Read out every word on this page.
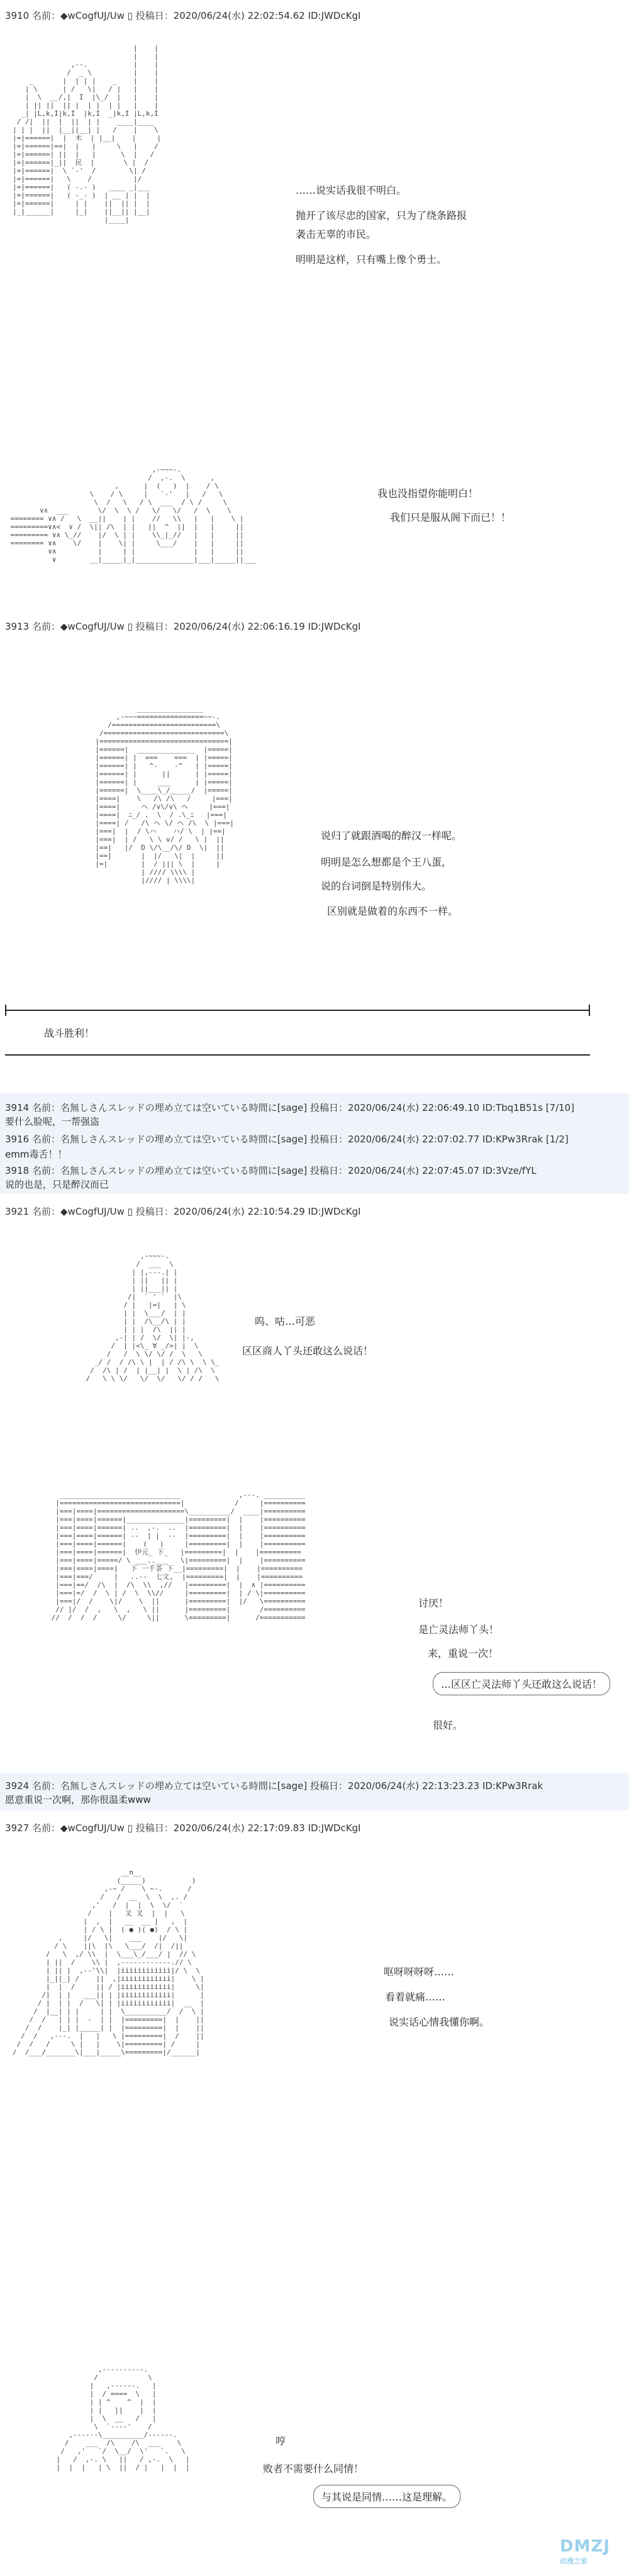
3910 名前：◆wCogfUJ/Uw ▯ 投稿日：2020/06/24(水) 22:02:54.62 ID:JWDcKgI
|    |
|    |
,--.           |    |
/  _ \          |    |
_       |  | | |    _    |    |
| \      | /   \|   / |   |    |
|  \  __/,|  I  |\_/  |   |    |
| || ||  || |  | |  | |   |    |
_| |L,k,I|k,I  |k,I  _|k,I |L,k,I
/ /|  ||  |  ||  | |    ____|____
| | |  ||  |__||__| |   /    |    \
|=|======|  |  木  | |__|    |     |
|=|======|==|  |   |     \   |    /
|=|======| ||  |   |      \  |   /
|=|======|_||  民  |       \ |  /
|=|======|  \ `-'  /        \| /
|=|======|   \    /          |/
|=|======|   ( -.- )   ____ _|___
|=|======|   ( -_- )  | __ | |  |
|=|======|     | |    ||  || |  |
|_|______|     |_|    ||__|| |__|
|____|

……说实话我很不明白。
抛开了该尽忠的国家，只为了绕条路报
袭击无辜的市民。
明明是这样，只有嘴上像个勇士。
,-~~~-.
/  ,-.  \      ,
,      |  (   )  |    / \
\    / \     |   `-'   |   /   \
\  /   \   / \  ___  / \ /     \
∨∧  ___       \/  \  \ /   \/   \/   /  \    \
======== ∨∧ /   \  __||    | |    //   \\   |   |    \ |
=========∨∧<  ∨ /  \|| /\  | |   ||  ^  ||  |   |     ||
========= ∨∧ \_//    |/  \ | |    \\_|_//   |   |     ||
======== ∨∧    \/    |    \| |     \___/    |   |     ||
∨∧          |     | |              |   |     ||
∨        __|_____|_|______________|___|_____||___

我也没指望你能明白！
我们只是服从阁下而已！！
3913 名前：◆wCogfUJ/Uw ▯ 投稿日：2020/06/24(水) 22:06:16.19 ID:JWDcKgI
________________
,-~~~================~~-.
/=========================\
/=============================\
|===============================|
|======|  ______________  |=====|
|======| |  ===    ===  | |=====|
|======| |   ^-    -^   | |=====|
|======| |      ||      | |=====|
|======| |     ___      | |=====|
|======|  \____\_/_____/  |=====|
|====|    \   /\ /\   /     |===|
|====|     ヘ /v\/v\ ヘ     |===|
|====|  ﾆ_/ .  \  / .\_ﾆ   |===|
|====| /   /\ ヘ \/ ヘ /\  \ |===|
|===|  |  / \ハ    ハ/ \  | |==|
|===|  | /   \ \ v/ /   \ |  ||
|==|   |/  D \/\__/\/ D  \|  ||
|==|       |  |/   \|  |     ||
|=|        |  / ||| \  |     |
| //// \\\\ |
|//// | \\\\|

说归了就跟酒喝的醉汉一样呢。
明明是怎么想都是个王八蛋，
说的台词倒是特别伟大。
区别就是做着的东西不一样。
战斗胜利！
3914 名前：名無しさんスレッドの埋め立ては空いている時間に[sage] 投稿日：2020/06/24(水) 22:06:49.10 ID:Tbq1B51s [7/10]
要什么脸呢，一帮强盗
3916 名前：名無しさんスレッドの埋め立ては空いている時間に[sage] 投稿日：2020/06/24(水) 22:07:02.77 ID:KPw3Rrak [1/2]
emm毒舌！！
3918 名前：名無しさんスレッドの埋め立ては空いている時間に[sage] 投稿日：2020/06/24(水) 22:07:45.07 ID:3Vze/fYL
说的也是，只是醉汉而已
3921 名前：◆wCogfUJ/Uw ▯ 投稿日：2020/06/24(水) 22:10:54.29 ID:JWDcKgI
,-~~~-.
/  ___  \
| |,---.| |
| ||   || |
| ||___|| |
/|  ` ' `  |\
/ |   |=|   | \
| |  \___/  | |
| |  /\__/\ | |
| | |  /\  || |
,-| | /  \/  \| |-,
/  | |<\_ ∀ _/>| |  \
/   /  \ \/ \/ /  \   \
_/ /  / /\ \ |  | / /\ \  \ \_
/  /\ | /  | |__| |  \ | /\  \
/   \ \ \/   \/  \/   \/ / /   \

呜、咕…可恶
区区商人丫头还敢这么说话！
_____________________________              ,---. __________
|=============================|            /     |==========
|===|====|=====================\__________/  ____|==========
|===|====|======|______________|=========|  |    |==========
|===|====|======| ..  ,-.  ..  |=========|  |    |==========
|===|====|======| --  | |  --  |=========|  |    |==========
|===|====|======|    (   )     |=========|  |    |==========
|===|====|======|  伊元_ 下_   |=========|  |    |==========
|===|====|=====/ \ ___..___   \|=========|  |    |==========
|===|====|====|   下 一千茶 下__|=========|  |    |==========
|===|===/     |   ..--  七文,  |=========|  |    |==========
|===|==/  /\  |  /\  \\  ,//   |=========|  |  ∧ |==========
|===|=/  /  \ | /  \  \\//     |=========|  | / \|==========
|===|/  /    \|/    \  ||      |=========|  |/   \==========
// |/  /  ,   \  ,   \ ||      |=========|       /==========
//  /  /  /     \/     \||      \=========|      /===========

讨厌！
是亡灵法师丫头！
来，重说一次！
…区区亡灵法师丫头还敢这么说话！
很好。
3924 名前：名無しさんスレッドの埋め立ては空いている時間に[sage] 投稿日：2020/06/24(水) 22:13:23.23 ID:KPw3Rrak
愿意重说一次啊，那你很温柔www
3927 名前：◆wCogfUJ/Uw ▯ 投稿日：2020/06/24(水) 22:17:09.83 ID:JWDcKgI
__n__
(_____)           )
,-~ /    \ ~-.      /
/   /  __  \  \  ,. /
,'   /  |  |  \  \/  `
/    |   叉 叉  |  |   \
|  ,  |   __  __ |   ,  |
| / \ |  ( ● )( ●)  / \ |
,     |/   \|    ___    |/   \|
/ \    ||\  |\   \___/  /|  /||
/   \  ,/ \\  |  \___\_/___/ |  // \
| ||  /    \\ |  ,------------.// \
| || |  ,--'\\|  |iiiiiiiiiiii|/ \  \
|_||_| /    ||  ,|iiiiiiiiiiii|    \ |
|  |  /     || / |iiiiiiiiiiii|     \|
/|  | |   ___|| | |iiiiiiiiiiii|      |
/ |  | |  /   \| | |iiiiiiiiiiii|  __  |
/  |__| | |     | |  \__________/  /  \ |
/  /   | | |  -  | |  |=========|  |    ||
/  /    |_| |_____| |  |=========|  |    ||
/  /   ,---.  |   |   \ |=========|  /    ||
/  /   /     \ |   |    \|=========| /     |
/  /___/_______\|___|_____\=========|/______|

呕呀呀呀呀……
看着就痛……
说实话心情我懂你啊。
,----------.
/            \
|   ,------.   |
|  / ====  \   |
| | ^    ^  |  |
| |   ||    |  |
|  \  __   /   |
\  `----'    /
,------\__________/------.
/    ___  /\    /\  ___    \
/   ,'   `/  \__/  \'   `.   \
|   /  ,-. \   ||   / ,-.  \   |
|  |  |   | \  ||  / |   |  |  |

哼
败者不需要什么同情！
与其说是同情……这是理解。
DMZJ
动漫之家
